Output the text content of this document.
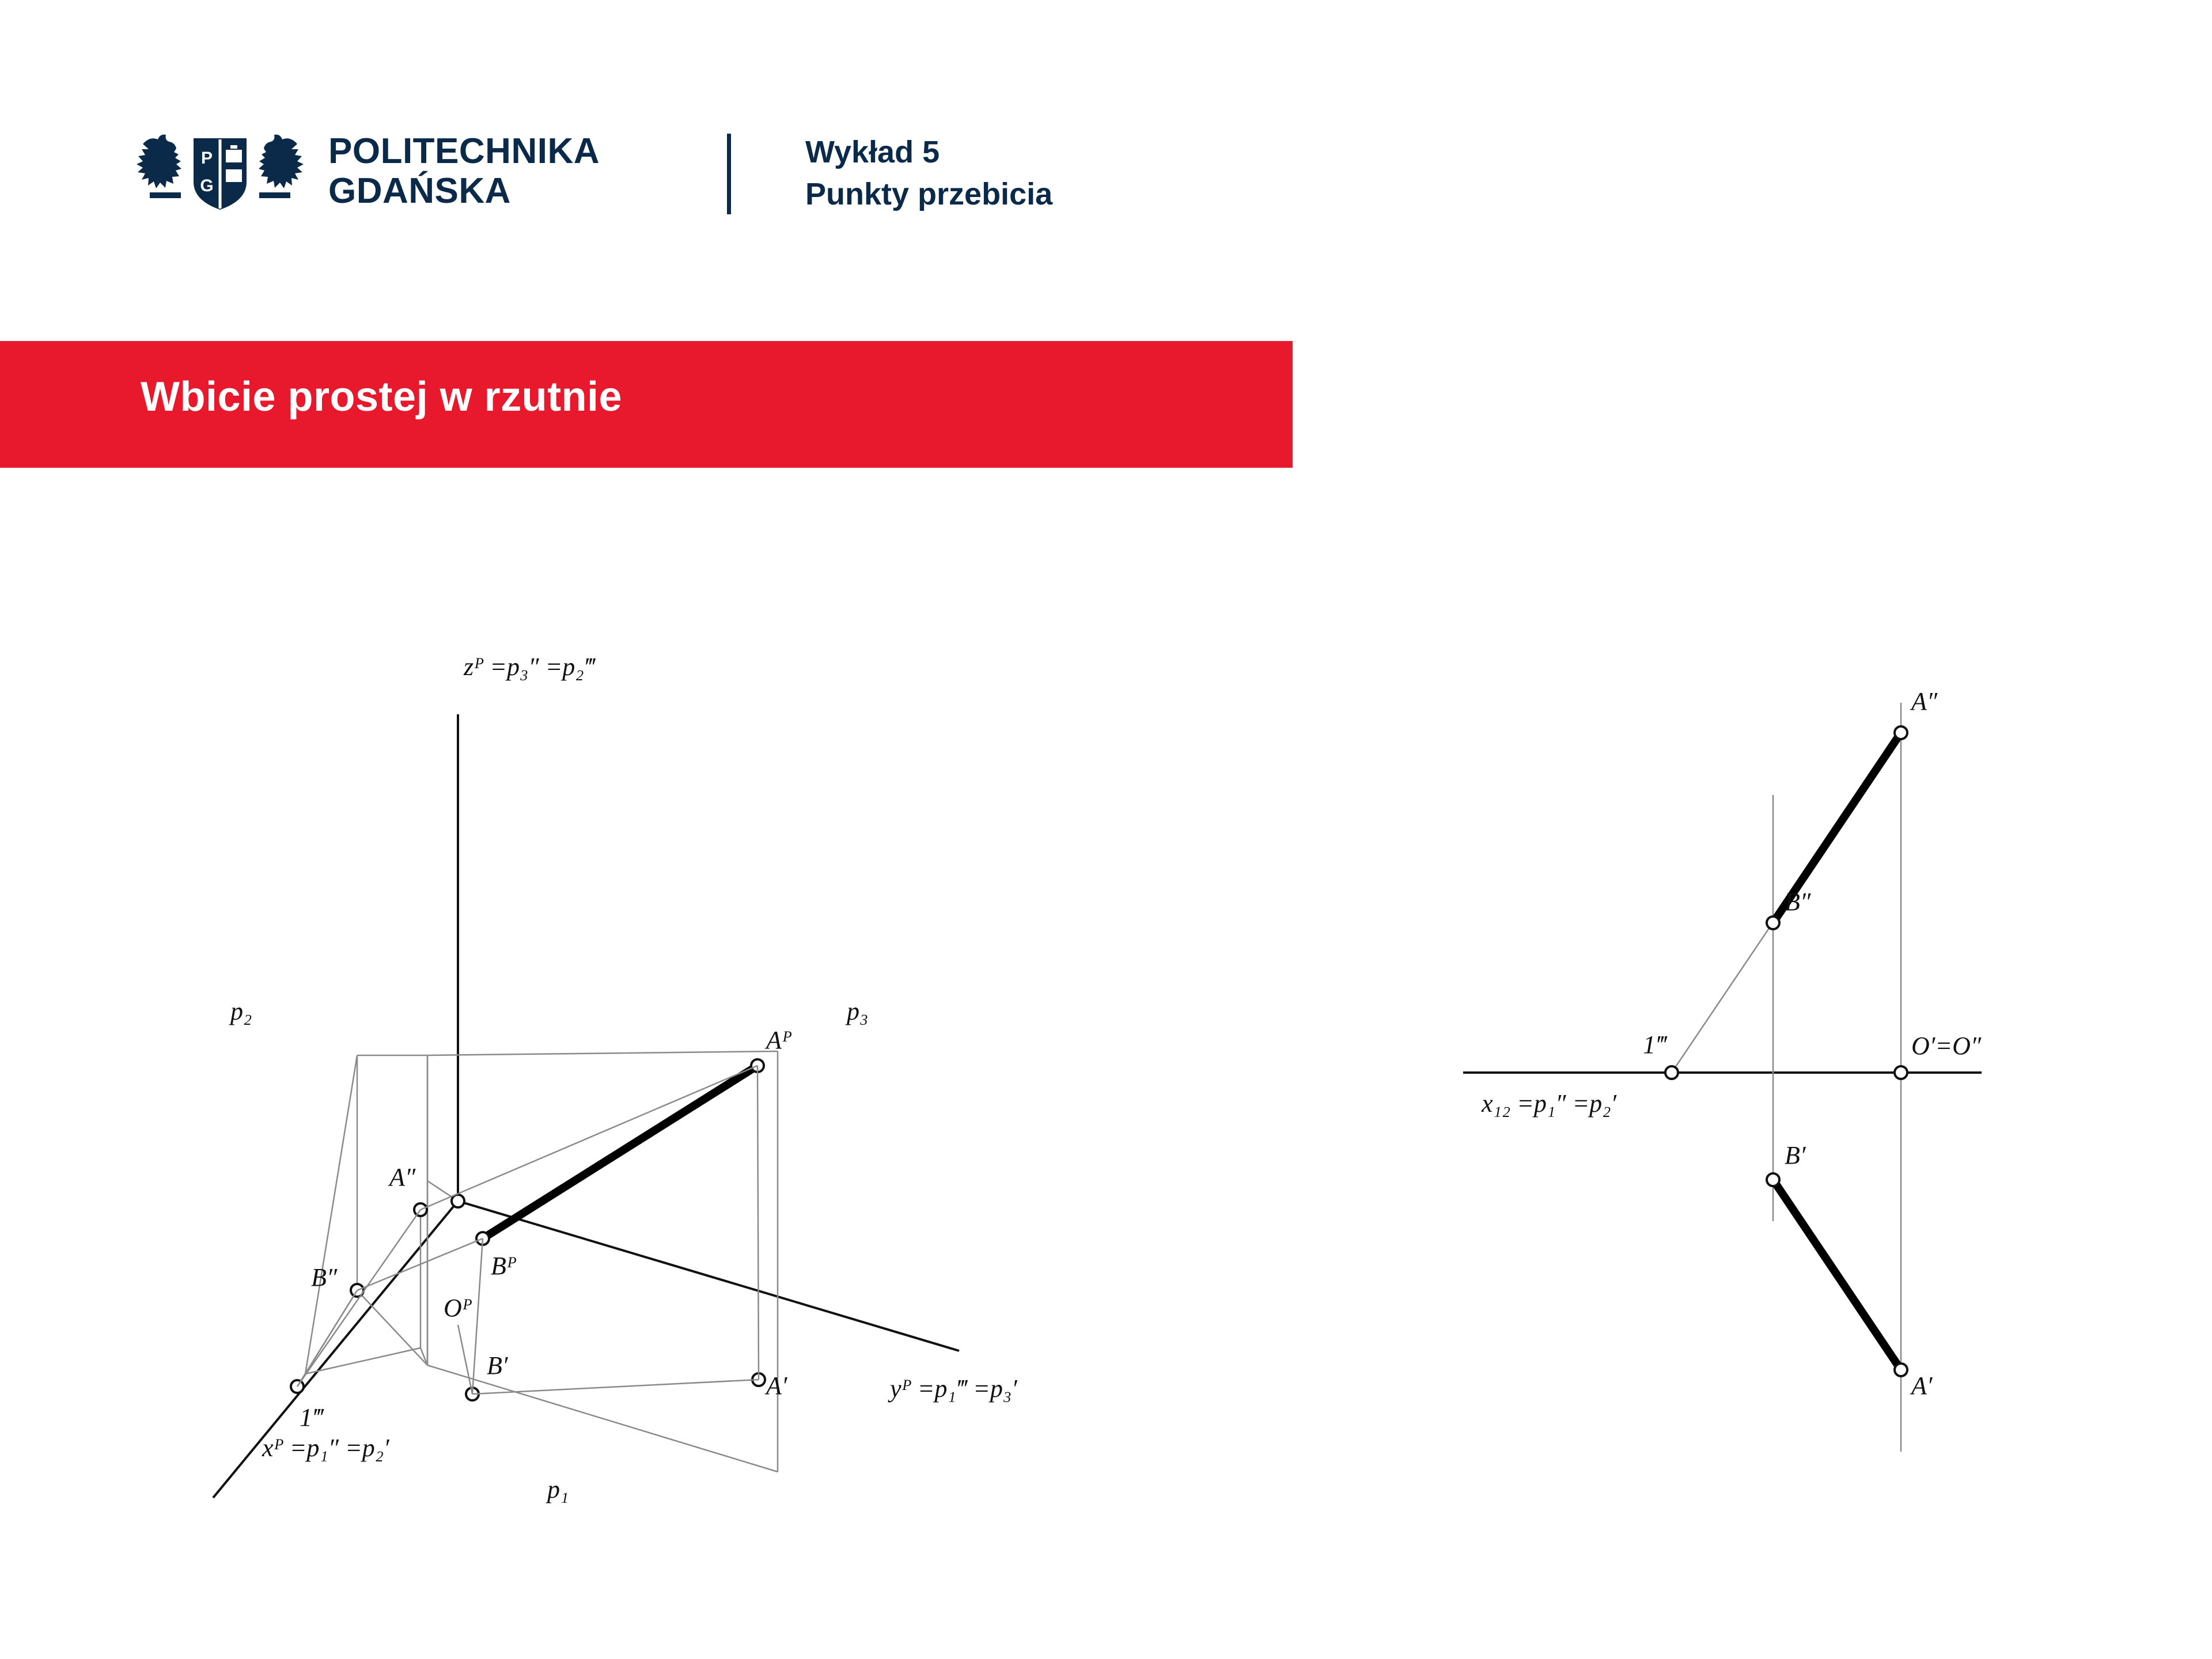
P
G
POLITECHNIKA
GDAŃSKA
Wykład 5
Punkty przebicia
Wbicie prostej w rzutnie
p₂	p₃
p₁
zᴾ =p₃″ =p₂‴
yᴾ =p₁‴ =p₃′
xᴾ =p₁″ =p₂′
A″
B″
Aᴾ
Bᴾ
Oᴾ
A′
B′
1‴
A″
B″
1‴	O′=O″
B′
A′
x₁₂ =p₁″ =p₂′
